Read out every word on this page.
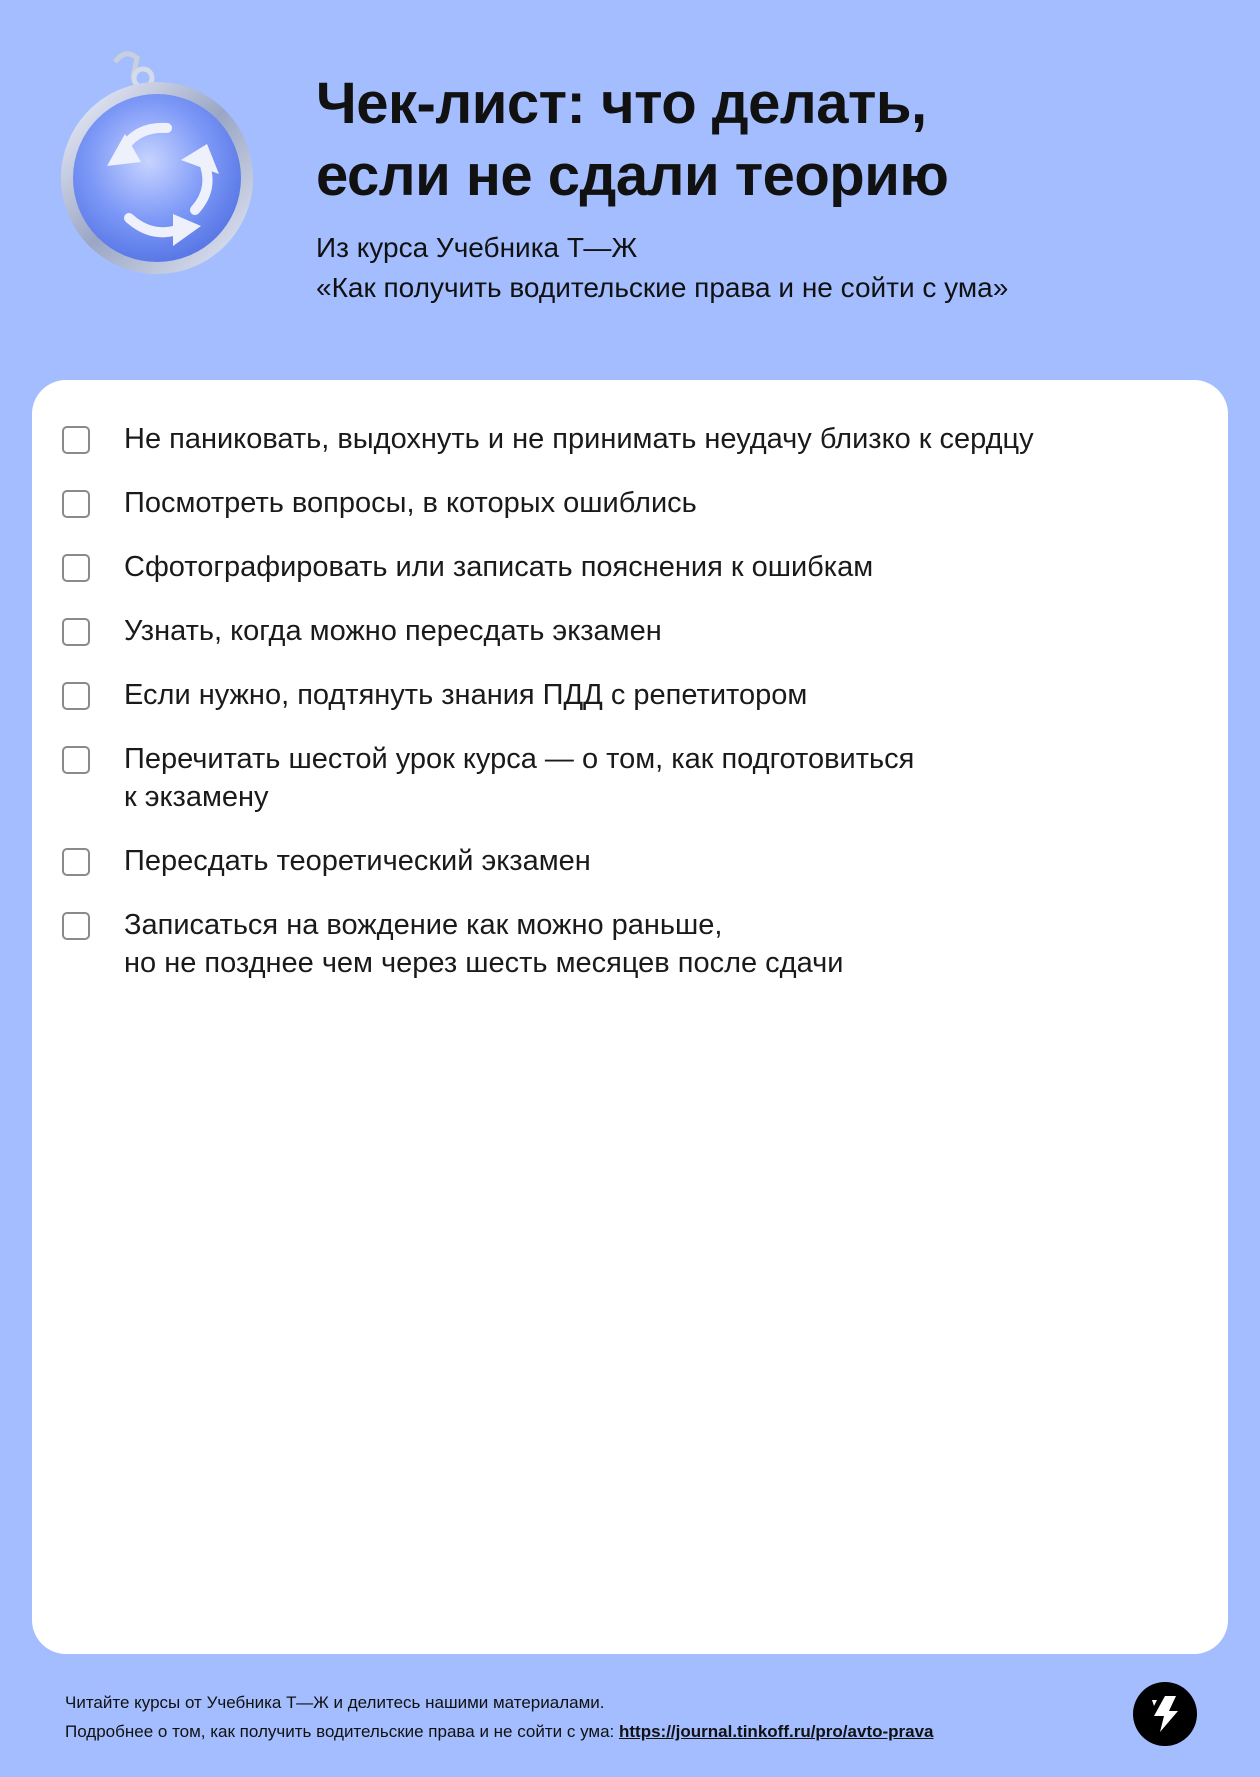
Чек-лист: что делать,
если не сдали теорию
Из курса Учебника Т—Ж
«Как получить водительские права и не сойти с ума»
Не паниковать, выдохнуть и не принимать неудачу близко к сердцу
Посмотреть вопросы, в которых ошиблись
Сфотографировать или записать пояснения к ошибкам
Узнать, когда можно пересдать экзамен
Если нужно, подтянуть знания ПДД с репетитором
Перечитать шестой урок курса — о том, как подготовиться
к экзамену
Пересдать теоретический экзамен
Записаться на вождение как можно раньше,
но не позднее чем через шесть месяцев после сдачи
Читайте курсы от Учебника Т—Ж и делитесь нашими материалами.
Подробнее о том, как получить водительские права и не сойти с ума: https://journal.tinkoff.ru/pro/avto-prava
